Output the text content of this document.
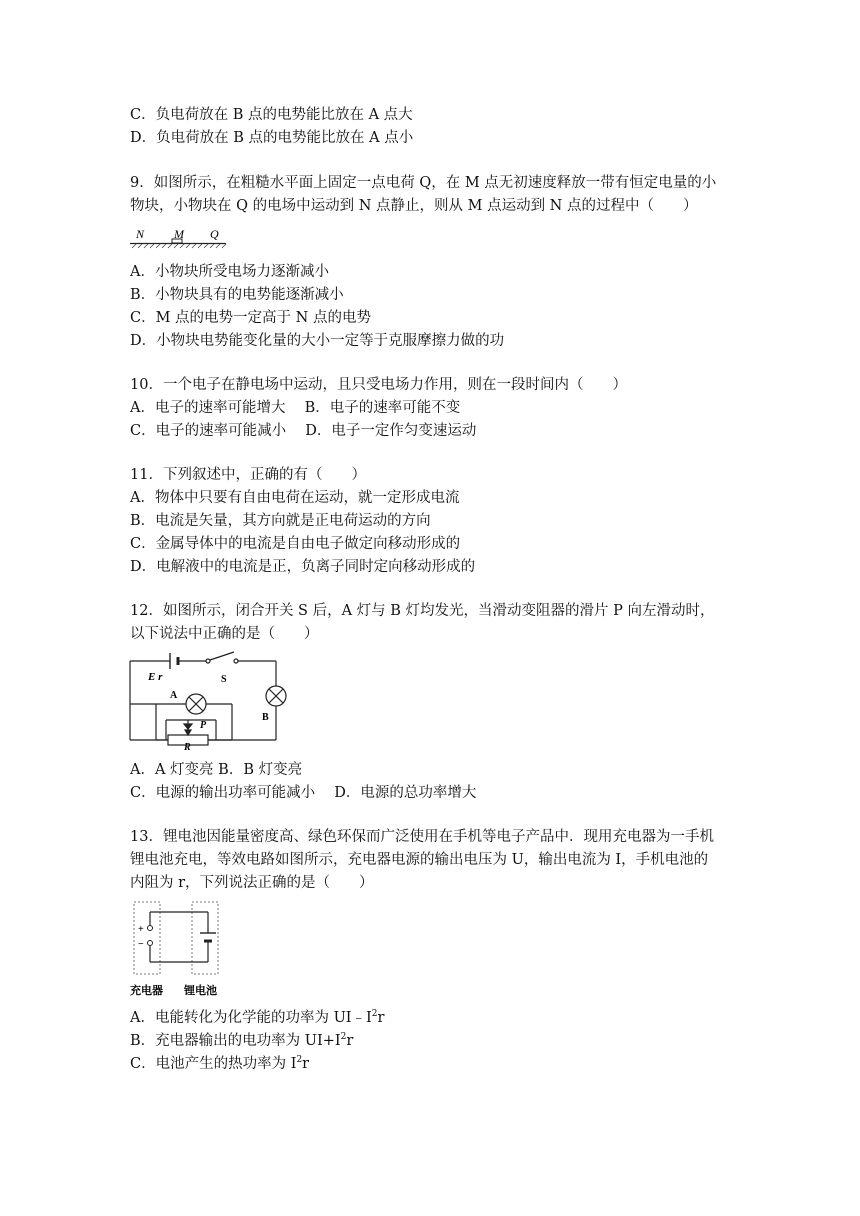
C．负电荷放在 B 点的电势能比放在 A 点大
D．负电荷放在 B 点的电势能比放在 A 点小
9．如图所示，在粗糙水平面上固定一点电荷 Q，在 M 点无初速度释放一带有恒定电量的小
物块，小物块在 Q 的电场中运动到 N 点静止，则从 M 点运动到 N 点的过程中（　　）
N M Q
A．小物块所受电场力逐渐减小
B．小物块具有的电势能逐渐减小
C．M 点的电势一定高于 N 点的电势
D．小物块电势能变化量的大小一定等于克服摩擦力做的功
10．一个电子在静电场中运动，且只受电场力作用，则在一段时间内（　　）
A．电子的速率可能增大　 B．电子的速率可能不变
C．电子的速率可能减小　 D．电子一定作匀变速运动
11．下列叙述中，正确的有（　　）
A．物体中只要有自由电荷在运动，就一定形成电流
B．电流是矢量，其方向就是正电荷运动的方向
C．金属导体中的电流是自由电子做定向移动形成的
D．电解液中的电流是正，负离子同时定向移动形成的
12．如图所示，闭合开关 S 后，A 灯与 B 灯均发光，当滑动变阻器的滑片 P 向左滑动时，
以下说法中正确的是（　　）
E r	S
A
B
P
R
A．A 灯变亮 B．B 灯变亮
C．电源的输出功率可能减小　 D．电源的总功率增大
13．锂电池因能量密度高、绿色环保而广泛使用在手机等电子产品中．现用充电器为一手机
锂电池充电，等效电路如图所示，充电器电源的输出电压为 U，输出电流为 I，手机电池的
内阻为 r，下列说法正确的是（　　）
+
−
充电器 锂电池
A．电能转化为化学能的功率为 $UI﹣I^2r$
B．充电器输出的电功率为 $UI+I^2r$
C．电池产生的热功率为 $I^2r$
